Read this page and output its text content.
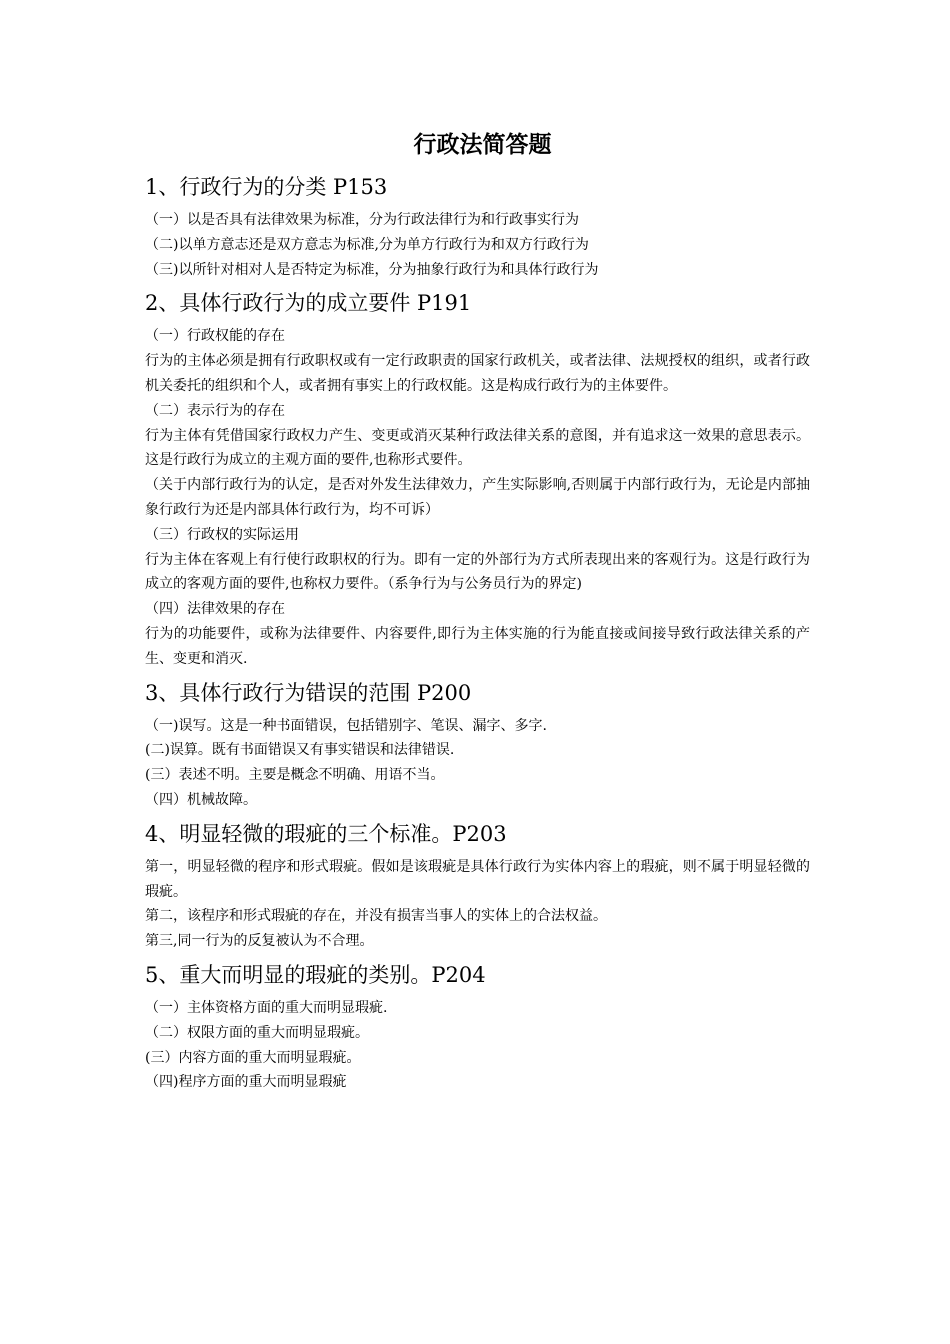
行政法简答题
1、行政行为的分类 P153

（一）以是否具有法律效果为标准，分为行政法律行为和行政事实行为

（二)以单方意志还是双方意志为标准,分为单方行政行为和双方行政行为

（三)以所针对相对人是否特定为标准，分为抽象行政行为和具体行政行为

2、具体行政行为的成立要件 P191

（一）行政权能的存在

行为的主体必须是拥有行政职权或有一定行政职责的国家行政机关，或者法律、法规授权的组织，或者行政机关委托的组织和个人，或者拥有事实上的行政权能。这是构成行政行为的主体要件。

（二）表示行为的存在

行为主体有凭借国家行政权力产生、变更或消灭某种行政法律关系的意图，并有追求这一效果的意思表示。这是行政行为成立的主观方面的要件,也称形式要件。

（关于内部行政行为的认定，是否对外发生法律效力，产生实际影响,否则属于内部行政行为，无论是内部抽象行政行为还是内部具体行政行为，均不可诉）

（三）行政权的实际运用

行为主体在客观上有行使行政职权的行为。即有一定的外部行为方式所表现出来的客观行为。这是行政行为成立的客观方面的要件,也称权力要件。（系争行为与公务员行为的界定)

（四）法律效果的存在

行为的功能要件，或称为法律要件、内容要件,即行为主体实施的行为能直接或间接导致行政法律关系的产生、变更和消灭.

3、具体行政行为错误的范围 P200

（一)误写。这是一种书面错误，包括错别字、笔误、漏字、多字.

(二)误算。既有书面错误又有事实错误和法律错误.

(三）表述不明。主要是概念不明确、用语不当。

（四）机械故障。

4、明显轻微的瑕疵的三个标准。P203

第一，明显轻微的程序和形式瑕疵。假如是该瑕疵是具体行政行为实体内容上的瑕疵，则不属于明显轻微的瑕疵。

第二，该程序和形式瑕疵的存在，并没有损害当事人的实体上的合法权益。

第三,同一行为的反复被认为不合理。

5、重大而明显的瑕疵的类别。P204

（一）主体资格方面的重大而明显瑕疵.

（二）权限方面的重大而明显瑕疵。

(三）内容方面的重大而明显瑕疵。

（四)程序方面的重大而明显瑕疵
